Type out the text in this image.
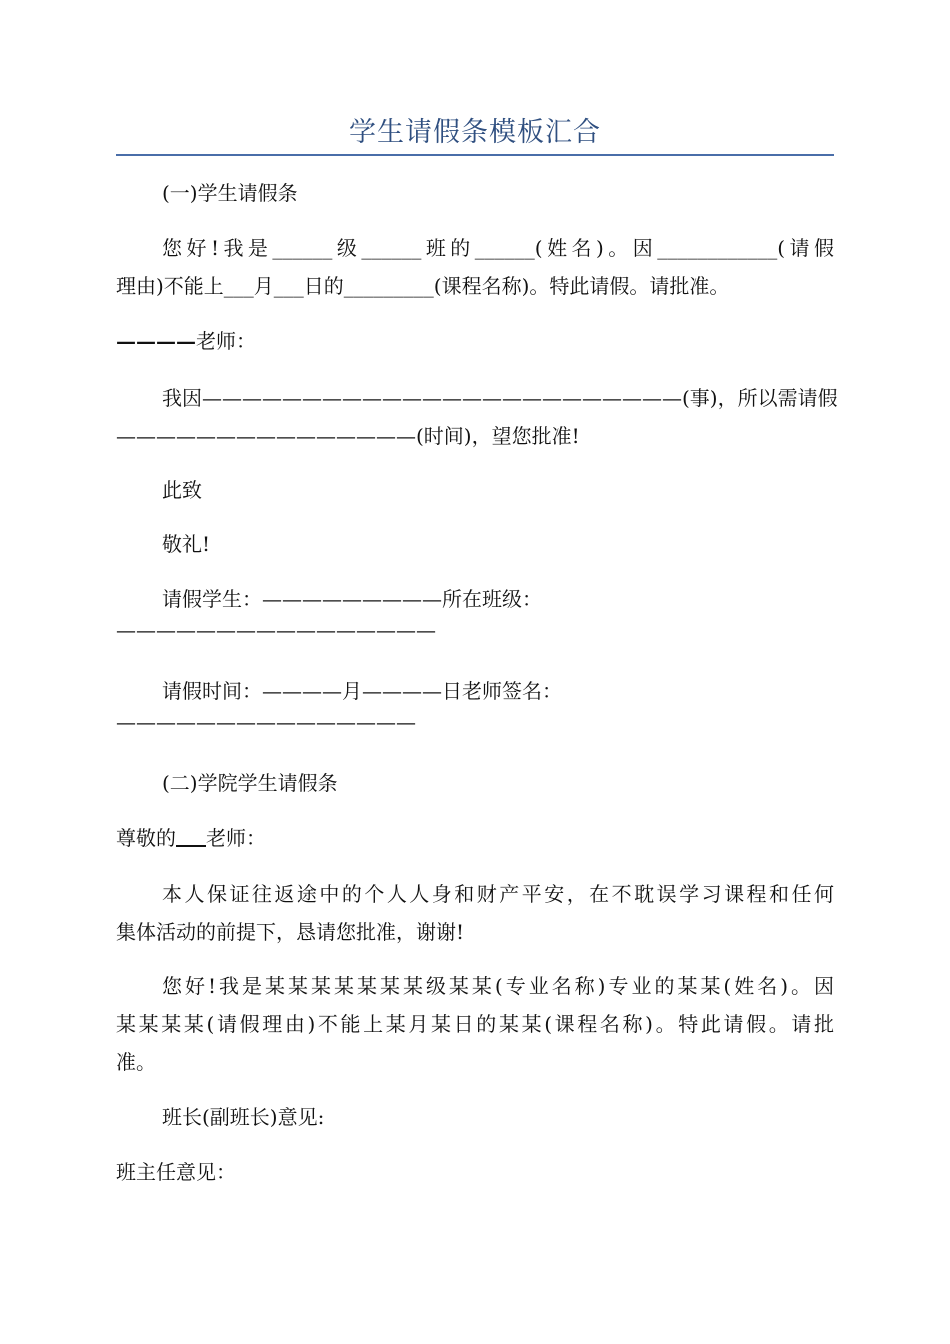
学生请假条模板汇合
(一)学生请假条
您好!我是______级______班的______(姓名)。因____________(请假
理由)不能上___月___日的_________(课程名称)。特此请假。请批准。
————老师：
我因————————————————————————(事)，所以需请假
———————————————(时间)，望您批准!
此致
敬礼!
请假学生：—————————所在班级：
————————————————
请假时间：————月————日老师签名：
———————————————
(二)学院学生请假条
尊敬的 老师：
本人保证往返途中的个人人身和财产平安，在不耽误学习课程和任何
集体活动的前提下，恳请您批准，谢谢!
您好!我是某某某某某某某级某某(专业名称)专业的某某(姓名)。因
某某某某(请假理由)不能上某月某日的某某(课程名称)。特此请假。请批
准。
班长(副班长)意见:
班主任意见：
